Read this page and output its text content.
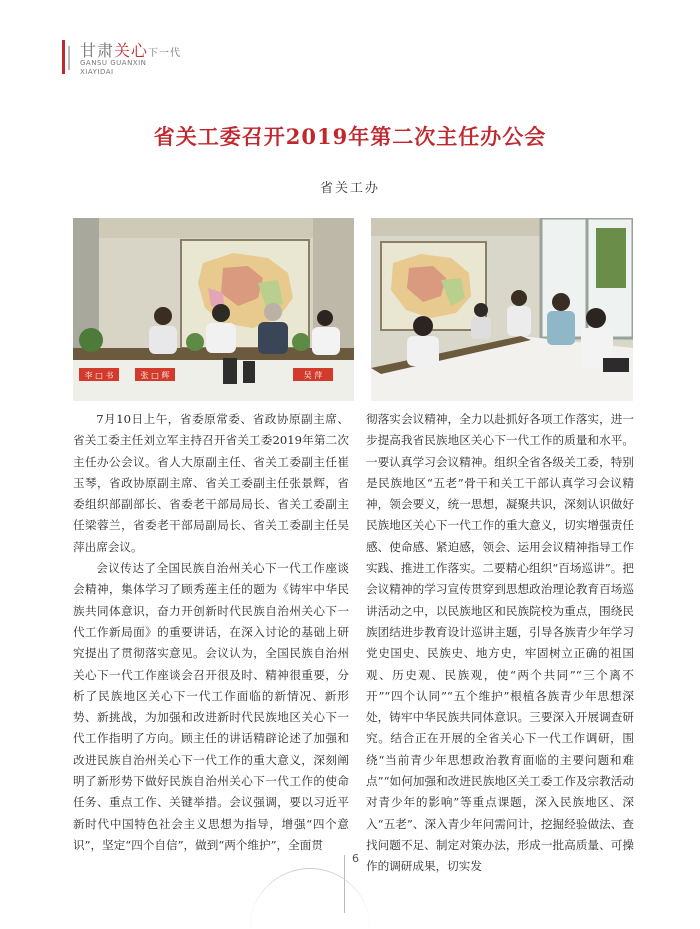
甘肃关心下一代
GANSU GUANXIN
XIAYIDAI
省关工委召开2019年第二次主任办公会
省关工办
李 □ 书	张 □ 辉	吴 萍

7月10日上午，省委原常委、省政协原副主席、省关工委主任刘立军主持召开省关工委2019年第二次主任办公会议。省人大原副主任、省关工委副主任崔玉琴，省政协原副主席、省关工委副主任张景辉，省委组织部副部长、省委老干部局局长、省关工委副主任梁蓉兰，省委老干部局副局长、省关工委副主任吴萍出席会议。

会议传达了全国民族自治州关心下一代工作座谈会精神，集体学习了顾秀莲主任的题为《铸牢中华民族共同体意识，奋力开创新时代民族自治州关心下一代工作新局面》的重要讲话，在深入讨论的基础上研究提出了贯彻落实意见。会议认为，全国民族自治州关心下一代工作座谈会召开很及时、精神很重要，分析了民族地区关心下一代工作面临的新情况、新形势、新挑战，为加强和改进新时代民族地区关心下一代工作指明了方向。顾主任的讲话精辟论述了加强和改进民族自治州关心下一代工作的重大意义，深刻阐明了新形势下做好民族自治州关心下一代工作的使命任务、重点工作、关键举措。会议强调，要以习近平新时代中国特色社会主义思想为指导，增强“四个意识”，坚定“四个自信”，做到“两个维护”，全面贯

彻落实会议精神，全力以赴抓好各项工作落实，进一步提高我省民族地区关心下一代工作的质量和水平。一要认真学习会议精神。组织全省各级关工委，特别是民族地区“五老”骨干和关工干部认真学习会议精神，领会要义，统一思想，凝聚共识，深刻认识做好民族地区关心下一代工作的重大意义，切实增强责任感、使命感、紧迫感，领会、运用会议精神指导工作实践、推进工作落实。二要精心组织“百场巡讲”。把会议精神的学习宣传贯穿到思想政治理论教育百场巡讲活动之中，以民族地区和民族院校为重点，围绕民族团结进步教育设计巡讲主题，引导各族青少年学习党史国史、民族史、地方史，牢固树立正确的祖国观、历史观、民族观，使“两个共同”“三个离不开”“四个认同”“五个维护”根植各族青少年思想深处，铸牢中华民族共同体意识。三要深入开展调查研究。结合正在开展的全省关心下一代工作调研，围绕“当前青少年思想政治教育面临的主要问题和难点”“如何加强和改进民族地区关工委工作及宗教活动对青少年的影响”等重点课题，深入民族地区、深入“五老”、深入青少年问需问计，挖掘经验做法、查找问题不足、制定对策办法，形成一批高质量、可操作的调研成果，切实发

6
